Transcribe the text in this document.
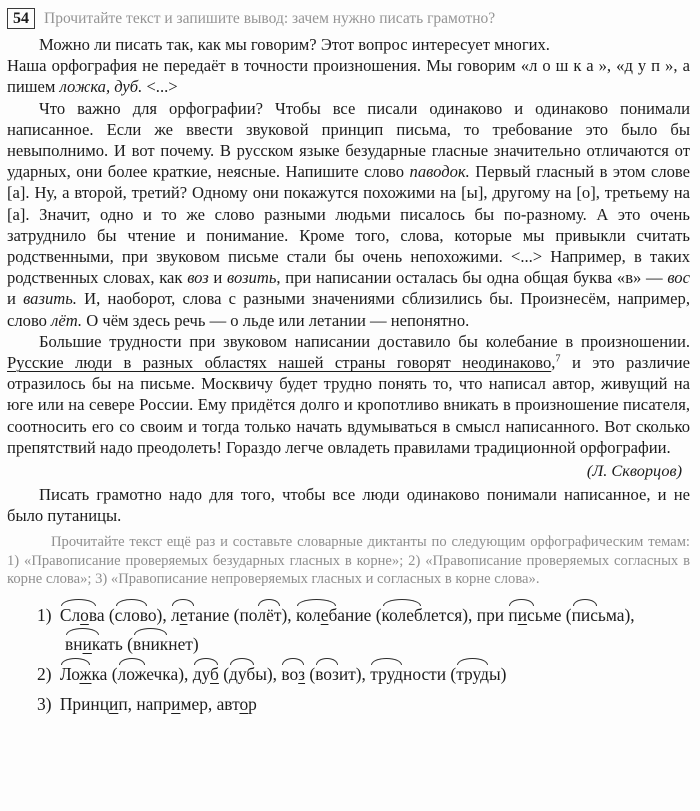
54 Прочитайте текст и запишите вывод: зачем нужно писать грамотно?

Можно ли писать так, как мы говорим? Этот вопрос интересует многих.

Наша орфография не передаёт в точности произношения. Мы говорим «лошка», «дуп», а пишем ложка, дуб. <...>

Что важно для орфографии? Чтобы все писали одинаково и одинаково понимали написанное. Если же ввести звуковой принцип письма, то требование это было бы невыполнимо. И вот почему. В русском языке безударные гласные значительно отличаются от ударных, они более краткие, неясные. Напишите слово паводок. Первый гласный в этом слове [а]. Ну, а второй, третий? Одному они покажутся похожими на [ы], другому на [о], третьему на [а]. Значит, одно и то же слово разными людьми писалось бы по-разному. А это очень затруднило бы чтение и понимание. Кроме того, слова, которые мы привыкли считать родственными, при звуковом письме стали бы очень непохожими. <...> Например, в таких родственных словах, как воз и возить, при написании осталась бы одна общая буква «в» — вос и вазить. И, наоборот, слова с разными значениями сблизились бы. Произнесём, например, слово лёт. О чём здесь речь — о льде или летании — непонятно.

Большие трудности при звуковом написании доставило бы колебание в произношении. Русские люди в разных областях нашей страны говорят неодинаково,$^7$ и это различие отразилось бы на письме. Москвичу будет трудно понять то, что написал автор, живущий на юге или на севере России. Ему придётся долго и кропотливо вникать в произношение писателя, соотносить его со своим и тогда только начать вдумываться в смысл написанного. Вот сколько препятствий надо преодолеть! Гораздо легче овладеть правилами традиционной орфографии.

(Л. Скворцов)

Писать грамотно надо для того, чтобы все люди одинаково понимали написанное, и не было путаницы.

Прочитайте текст ещё раз и составьте словарные диктанты по следующим орфографическим темам: 1) «Правописание проверяемых безударных гласных в корне»; 2) «Правописание проверяемых согласных в корне слова»; 3) «Правописание непроверяемых гласных и согласных в корне слова».

1) Слова (слово), летание (полёт), колебание (колеблется), при письме (письма), вникать (вникнет)
2) Ложка (ложечка), дуб (дубы), воз (возит), трудности (труды)
3) Принцип, например, автор
